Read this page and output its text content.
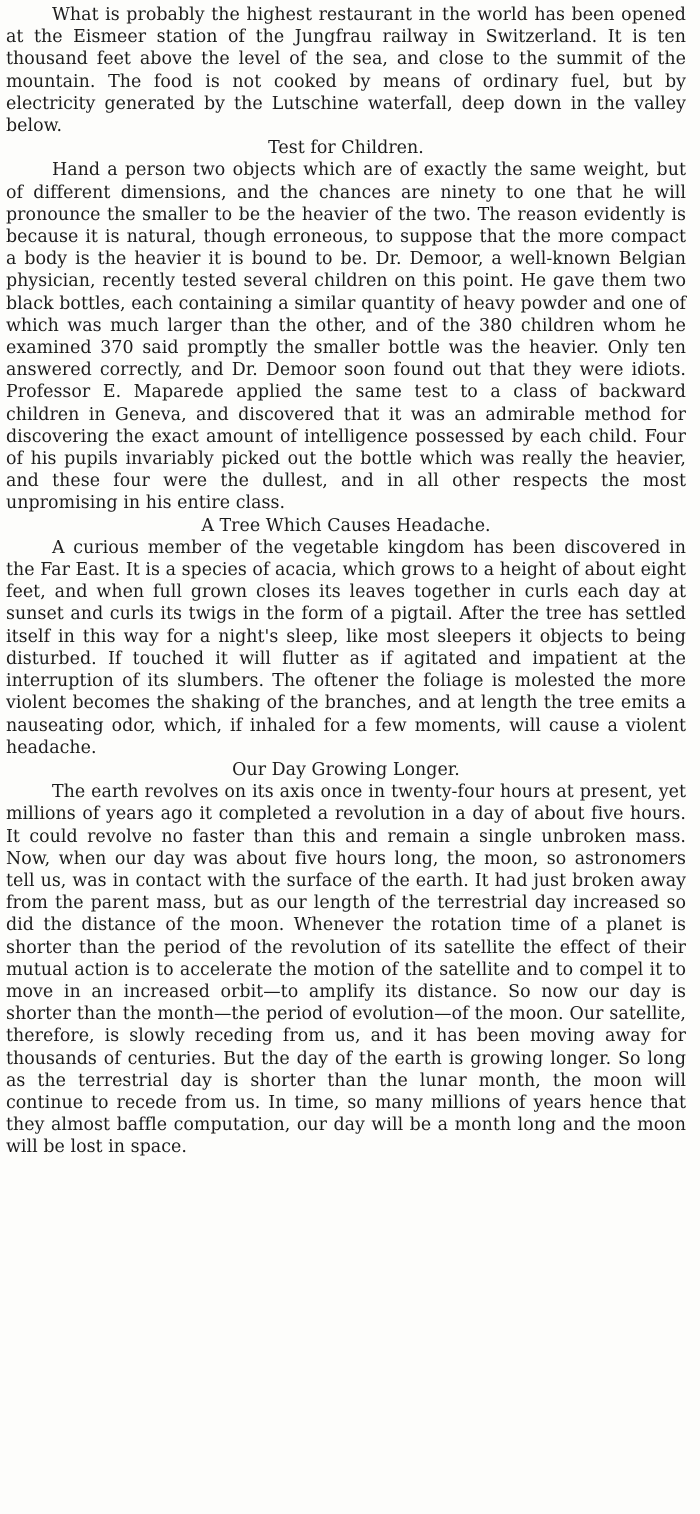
What is probably the highest restaurant in the world has been opened at the Eismeer station of the Jungfrau railway in Switzerland. It is ten thousand feet above the level of the sea, and close to the summit of the mountain. The food is not cooked by means of ordinary fuel, but by electricity generated by the Lutschine waterfall, deep down in the valley below.

Test for Children.

Hand a person two objects which are of exactly the same weight, but of different dimensions, and the chances are ninety to one that he will pronounce the smaller to be the heavier of the two. The reason evidently is because it is natural, though erroneous, to suppose that the more compact a body is the heavier it is bound to be. Dr. Demoor, a well-known Belgian physician, recently tested several children on this point. He gave them two black bottles, each containing a similar quantity of heavy powder and one of which was much larger than the other, and of the 380 children whom he examined 370 said promptly the smaller bottle was the heavier. Only ten answered correctly, and Dr. Demoor soon found out that they were idiots. Professor E. Maparede applied the same test to a class of backward children in Geneva, and discovered that it was an admirable method for discovering the exact amount of intelligence possessed by each child. Four of his pupils invariably picked out the bottle which was really the heavier, and these four were the dullest, and in all other respects the most unpromising in his entire class.

A Tree Which Causes Headache.

A curious member of the vegetable kingdom has been discovered in the Far East. It is a species of acacia, which grows to a height of about eight feet, and when full grown closes its leaves together in curls each day at sunset and curls its twigs in the form of a pigtail. After the tree has settled itself in this way for a night's sleep, like most sleepers it objects to being disturbed. If touched it will flutter as if agitated and impatient at the interruption of its slumbers. The oftener the foliage is molested the more violent becomes the shaking of the branches, and at length the tree emits a nauseating odor, which, if inhaled for a few moments, will cause a violent headache.

Our Day Growing Longer.

The earth revolves on its axis once in twenty-four hours at present, yet millions of years ago it completed a revolution in a day of about five hours. It could revolve no faster than this and remain a single unbroken mass. Now, when our day was about five hours long, the moon, so astronomers tell us, was in contact with the surface of the earth. It had just broken away from the parent mass, but as our length of the terrestrial day increased so did the distance of the moon. Whenever the rotation time of a planet is shorter than the period of the revolution of its satellite the effect of their mutual action is to accelerate the motion of the satellite and to compel it to move in an increased orbit—to amplify its distance. So now our day is shorter than the month—the period of evolution—of the moon. Our satellite, therefore, is slowly receding from us, and it has been moving away for thousands of centuries. But the day of the earth is growing longer. So long as the terrestrial day is shorter than the lunar month, the moon will continue to recede from us. In time, so many millions of years hence that they almost baffle computation, our day will be a month long and the moon will be lost in space.
